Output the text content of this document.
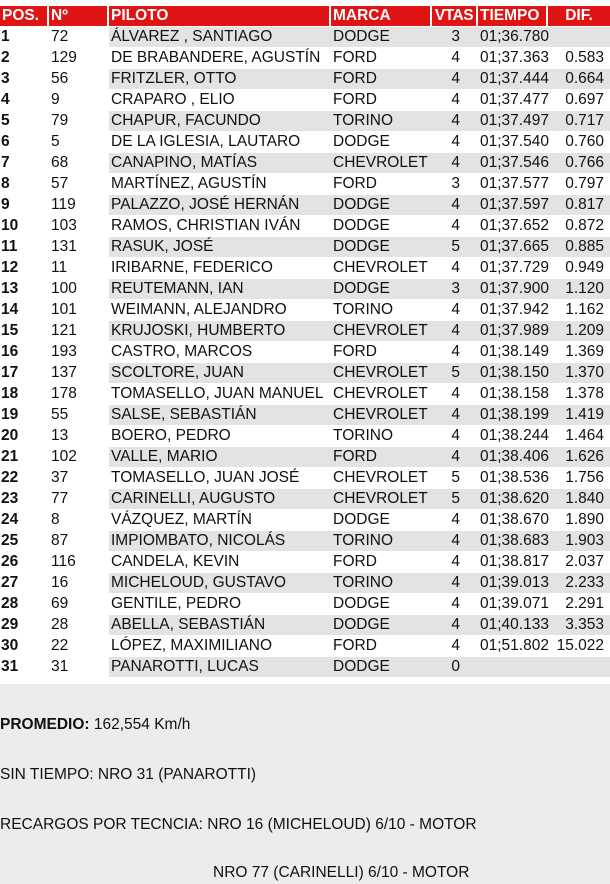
POS.	Nº	PILOTO	MARCA	VTAS	TIEMPO	DIF.
1	72	ÁLVAREZ , SANTIAGO	DODGE	3	01;36.780	
2	129	DE BRABANDERE, AGUSTÍN	FORD	4	01;37.363	0.583
3	56	FRITZLER, OTTO	FORD	4	01;37.444	0.664
4	9	CRAPARO , ELIO	FORD	4	01;37.477	0.697
5	79	CHAPUR, FACUNDO	TORINO	4	01;37.497	0.717
6	5	DE LA IGLESIA, LAUTARO	DODGE	4	01;37.540	0.760
7	68	CANAPINO, MATÍAS	CHEVROLET	4	01;37.546	0.766
8	57	MARTÍNEZ, AGUSTÍN	FORD	3	01;37.577	0.797
9	119	PALAZZO, JOSÉ HERNÁN	DODGE	4	01;37.597	0.817
10	103	RAMOS, CHRISTIAN IVÁN	DODGE	4	01;37.652	0.872
11	131	RASUK, JOSÉ	DODGE	5	01;37.665	0.885
12	11	IRIBARNE, FEDERICO	CHEVROLET	4	01;37.729	0.949
13	100	REUTEMANN, IAN	DODGE	3	01;37.900	1.120
14	101	WEIMANN, ALEJANDRO	TORINO	4	01;37.942	1.162
15	121	KRUJOSKI, HUMBERTO	CHEVROLET	4	01;37.989	1.209
16	193	CASTRO, MARCOS	FORD	4	01;38.149	1.369
17	137	SCOLTORE, JUAN	CHEVROLET	5	01;38.150	1.370
18	178	TOMASELLO, JUAN MANUEL	CHEVROLET	4	01;38.158	1.378
19	55	SALSE, SEBASTIÁN	CHEVROLET	4	01;38.199	1.419
20	13	BOERO, PEDRO	TORINO	4	01;38.244	1.464
21	102	VALLE, MARIO	FORD	4	01;38.406	1.626
22	37	TOMASELLO, JUAN JOSÉ	CHEVROLET	5	01;38.536	1.756
23	77	CARINELLI, AUGUSTO	CHEVROLET	5	01;38.620	1.840
24	8	VÁZQUEZ, MARTÍN	DODGE	4	01;38.670	1.890
25	87	IMPIOMBATO, NICOLÁS	TORINO	4	01;38.683	1.903
26	116	CANDELA, KEVIN	FORD	4	01;38.817	2.037
27	16	MICHELOUD, GUSTAVO	TORINO	4	01;39.013	2.233
28	69	GENTILE, PEDRO	DODGE	4	01;39.071	2.291
29	28	ABELLA, SEBASTIÁN	DODGE	4	01;40.133	3.353
30	22	LÓPEZ, MAXIMILIANO	FORD	4	01;51.802	15.022
31	31	PANAROTTI, LUCAS	DODGE	0		

PROMEDIO: 162,554 Km/h

SIN TIEMPO: NRO 31 (PANAROTTI)

RECARGOS POR TECNCIA: NRO 16 (MICHELOUD) 6/10 - MOTOR

NRO 77 (CARINELLI) 6/10 - MOTOR
